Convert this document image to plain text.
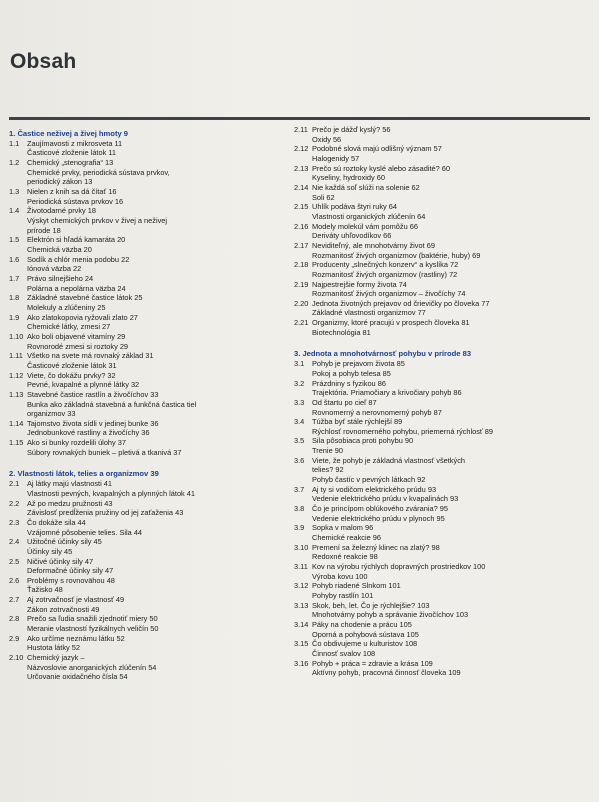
Obsah
1. Častice neživej a živej hmoty 9
1.1	Zaujímavosti z mikrosveta 11
Časticové zloženie látok 11
1.2	Chemický „stenografia“ 13
Chemické prvky, periodická sústava prvkov,
periodický zákon 13
1.3	Nielen z knih sa dá čítať 16
Periodická sústava prvkov 16
1.4	Životodarné prvky 18
Výskyt chemických prvkov v živej a neživej
prírode 18
1.5	Elektrón si hľadá kamaráta 20
Chemická väzba 20
1.6	Sodík a chlór menia podobu 22
Iónová väzba 22
1.7	Právo silnejšieho 24
Polárna a nepolárna väzba 24
1.8	Základné stavebné častice látok 25
Molekuly a zlúčeniny 25
1.9	Ako zlatokopovia ryžovali zlato 27
Chemické látky, zmesi 27
1.10 Ako boli objavené vitamíny 29
Rovnorodé zmesi si roztoky 29
1.11 Všetko na svete má rovnaký základ 31
Časticové zloženie látok 31
1.12 Viete, čo dokážu prvky? 32
Pevné, kvapalné a plynné látky 32
1.13 Stavebné častice rastlín a živočíchov 33
Bunka ako základná stavebná a funkčná častica tiel
organizmov 33
1.14 Tajomstvo života sídli v jedinej bunke 36
Jednobunkové rastliny a živočíchy 36
1.15 Ako si bunky rozdelili úlohy 37
Súbory rovnakých buniek – pletivá a tkanivá 37
2. Vlastnosti látok, telies a organizmov 39
2.1	Aj látky majú vlastnosti 41
Vlastnosti pevných, kvapalných a plynných látok 41
2.2	Až po medzu pružnosti 43
Závislosť predĺženia pružiny od jej zaťaženia 43
2.3	Čo dokáže sila 44
Vzájomné pôsobenie telies. Sila 44
2.4	Užitočné účinky sily 45
Účinky sily 45
2.5	Ničivé účinky sily 47
Deformačné účinky sily 47
2.6	Problémy s rovnovähou 48
Ťažisko 48
2.7	Aj zotrvačnosť je vlastnosť 49
Zákon zotrvačnosti 49
2.8	Prečo sa ľudia snažili zjednotiť miery 50
Meranie vlastností fyzikálnych veličín 50
2.9	Ako určíme neznámu látku 52
Hustota látky 52
2.10 Chemický jazyk –
Názvoslovie anorganických zlúčenín 54
Určovanie oxidačného čísla 54
2.11 Prečo je dážď kyslý? 56
Oxidy 56
2.12 Podobné slová majú odlišný význam 57
Halogenidy 57
2.13 Prečo sú roztoky kyslé alebo zásadité? 60
Kyseliny, hydroxidy 60
2.14 Nie každá soľ slúži na solenie 62
Soli 62
2.15 Uhlík podáva štyri ruky 64
Vlastnosti organických zlúčenín 64
2.16 Modely molekúl vám pomôžu 66
Deriváty uhľovodíkov 66
2.17 Neviditeľný, ale mnohotvárny život 69
Rozmanitosť živých organizmov (baktérie, huby) 69
2.18 Producenty „slnečných konzerv“ a kyslíka 72
Rozmanitosť živých organizmov (rastliny) 72
2.19 Najpestrejšie formy života 74
Rozmanitosť živých organizmov – živočíchy 74
2.20 Jednota životných prejavov od črievičky po človeka 77
Základné vlastnosti organizmov 77
2.21 Organizmy, ktoré pracujú v prospech človeka 81
Biotechnológia 81
3. Jednota a mnohotvárnosť pohybu v prírode 83
3.1	Pohyb je prejavom života 85
Pokoj a pohyb telesa 85
3.2	Prázdniny s fyzikou 86
Trajektória. Priamočiary a krivočiary pohyb 86
3.3	Od štartu po cieľ 87
Rovnomerný a nerovnomerný pohyb 87
3.4	Túžba byť stále rýchlejší 89
Rýchlosť rovnomerného pohybu, priemerná rýchlosť 89
3.5	Sila pôsobiaca proti pohybu 90
Trenie 90
3.6	Viete, že pohyb je základná vlastnosť všetkých
telies? 92
Pohyb častíc v pevných látkach 92
3.7	Aj ty si vodičom elektrického prúdu 93
Vedenie elektrického prúdu v kvapalinách 93
3.8	Čo je princípom oblúkového zvárania? 95
Vedenie elektrického prúdu v plynoch 95
3.9	Sopka v malom 96
Chemické reakcie 96
3.10 Premení sa železný klinec na zlatý? 98
Redoxné reakcie 98
3.11 Kov na výrobu rýchlych dopravných prostriedkov 100
Výroba kovu 100
3.12 Pohyb riadené Slnkom 101
Pohyby rastlín 101
3.13 Skok, beh, let. Čo je rýchlejšie? 103
Mnohotvárny pohyb a správanie živočíchov 103
3.14 Páky na chodenie a prácu 105
Oporná a pohybová sústava 105
3.15 Čo obdivujeme u kulturistov 108
Činnosť svalov 108
3.16 Pohyb + práca = zdravie a krása 109
Aktívny pohyb, pracovná činnosť človeka 109
